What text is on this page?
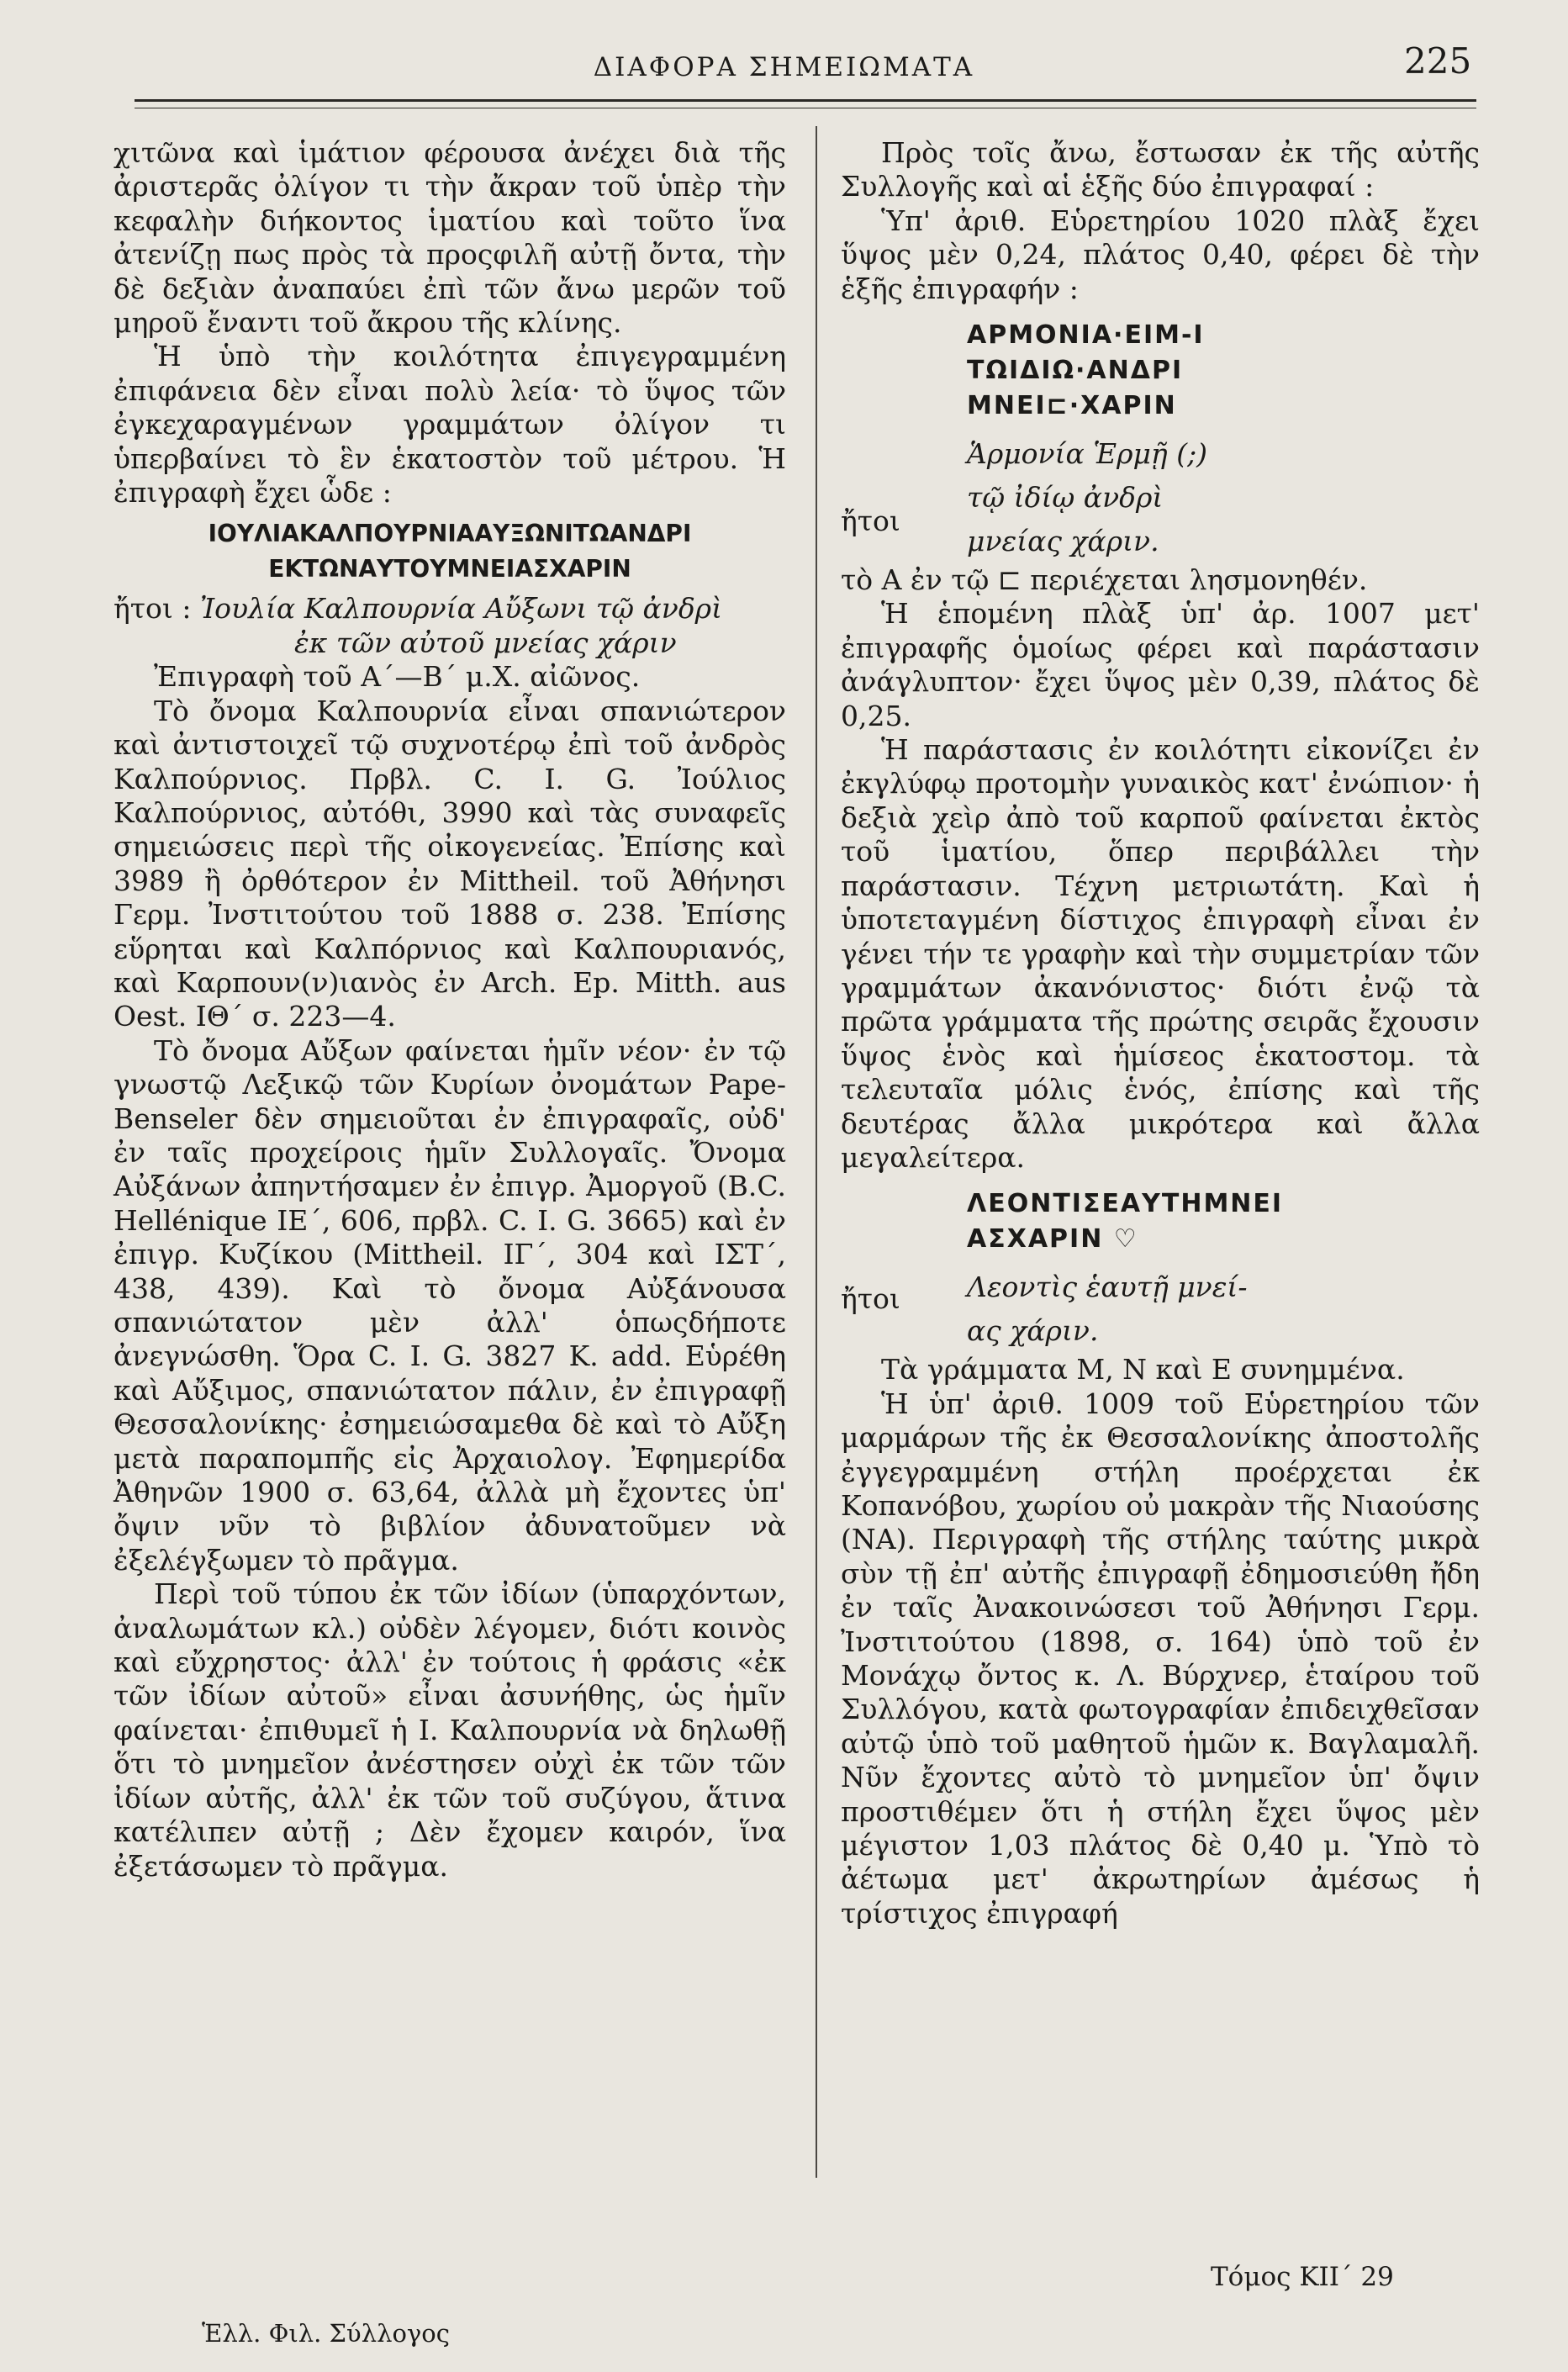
ΔΙΑΦΟΡΑ ΣΗΜΕΙΩΜΑΤΑ	225

χιτῶνα καὶ ἱμάτιον φέρουσα ἀνέχει διὰ τῆς ἀριστερᾶς ὀλίγον τι τὴν ἄκραν τοῦ ὑπὲρ τὴν κεφαλὴν διήκοντος ἱματίου καὶ τοῦτο ἵνα ἀτενίζῃ πως πρὸς τὰ προςφιλῆ αὐτῇ ὄντα, τὴν δὲ δεξιὰν ἀναπαύει ἐπὶ τῶν ἄνω μερῶν τοῦ μηροῦ ἔναντι τοῦ ἄκρου τῆς κλίνης.

Ἡ ὑπὸ τὴν κοιλότητα ἐπιγεγραμμένη ἐπιφάνεια δὲν εἶναι πολὺ λεία· τὸ ὕψος τῶν ἐγκεχαραγμένων γραμμάτων ὀλίγον τι ὑπερβαίνει τὸ ἓν ἑκατοστὸν τοῦ μέτρου. Ἡ ἐπιγραφὴ ἔχει ὧδε :

ΙΟΥΛΙΑΚΑΛΠΟΥΡΝΙΑΑΥΞΩΝΙΤΩΑΝΔΡΙ
ΕΚΤΩΝΑΥΤΟΥΜΝΕΙΑΣΧΑΡΙΝ
ἤτοι : Ἰουλία Καλπουρνία Αὔξωνι τῷ ἀνδρὶ
ἐκ τῶν αὐτοῦ μνείας χάριν

Ἐπιγραφὴ τοῦ Α΄—Β΄ μ.Χ. αἰῶνος.

Τὸ ὄνομα Καλπουρνία εἶναι σπανιώτερον καὶ ἀντιστοιχεῖ τῷ συχνοτέρῳ ἐπὶ τοῦ ἀνδρὸς Καλπούρνιος. Πρβλ. C. I. G. Ἰούλιος Καλπούρνιος, αὐτόθι, 3990 καὶ τὰς συναφεῖς σημειώσεις περὶ τῆς οἰκογενείας. Ἐπίσης καὶ 3989 ἢ ὀρθότερον ἐν Mittheil. τοῦ Ἀθήνησι Γερμ. Ἰνστιτούτου τοῦ 1888 σ. 238. Ἐπίσης εὕρηται καὶ Καλπόρνιος καὶ Καλπουριανός, καὶ Καρπουν(ν)ιανὸς ἐν Arch. Ep. Mitth. aus Oest. ΙΘ΄ σ. 223—4.

Τὸ ὄνομα Αὔξων φαίνεται ἡμῖν νέον· ἐν τῷ γνωστῷ Λεξικῷ τῶν Κυρίων ὀνομάτων Pape-Benseler δὲν σημειοῦται ἐν ἐπιγραφαῖς, οὐδ' ἐν ταῖς προχείροις ἡμῖν Συλλογαῖς. Ὄνομα Αὐξάνων ἀπηντήσαμεν ἐν ἐπιγρ. Ἀμοργοῦ (B.C. Hellénique IE΄, 606, πρβλ. C. I. G. 3665) καὶ ἐν ἐπιγρ. Κυζίκου (Mittheil. ΙΓ΄, 304 καὶ ΙΣΤ΄, 438, 439). Καὶ τὸ ὄνομα Αὐξάνουσα σπανιώτατον μὲν ἀλλ' ὁπωςδήποτε ἀνεγνώσθη. Ὅρα C. I. G. 3827 K. add. Εὑρέθη καὶ Αὔξιμος, σπανιώτατον πάλιν, ἐν ἐπιγραφῇ Θεσσαλονίκης· ἐσημειώσαμεθα δὲ καὶ τὸ Αὔξη μετὰ παραπομπῆς εἰς Ἀρχαιολογ. Ἐφημερίδα Ἀθηνῶν 1900 σ. 63,64, ἀλλὰ μὴ ἔχοντες ὑπ' ὄψιν νῦν τὸ βιβλίον ἀδυνατοῦμεν νὰ ἐξελέγξωμεν τὸ πρᾶγμα.

Περὶ τοῦ τύπου ἐκ τῶν ἰδίων (ὑπαρχόντων, ἀναλωμάτων κλ.) οὐδὲν λέγομεν, διότι κοινὸς καὶ εὔχρηστος· ἀλλ' ἐν τούτοις ἡ φράσις «ἐκ τῶν ἰδίων αὐτοῦ» εἶναι ἀσυνήθης, ὡς ἡμῖν φαίνεται· ἐπιθυμεῖ ἡ Ι. Καλπουρνία νὰ δηλωθῇ ὅτι τὸ μνημεῖον ἀνέστησεν οὐχὶ ἐκ τῶν τῶν ἰδίων αὐτῆς, ἀλλ' ἐκ τῶν τοῦ συζύγου, ἅτινα κατέλιπεν αὐτῇ ; Δὲν ἔχομεν καιρόν, ἵνα ἐξετάσωμεν τὸ πρᾶγμα.

Πρὸς τοῖς ἄνω, ἔστωσαν ἐκ τῆς αὐτῆς Συλλογῆς καὶ αἱ ἑξῆς δύο ἐπιγραφαί :

Ὑπ' ἀριθ. Εὑρετηρίου 1020 πλὰξ ἔχει ὕψος μὲν 0,24, πλάτος 0,40, φέρει δὲ τὴν ἑξῆς ἐπιγραφήν :

ΑΡΜΟΝΙΑ·ΕΙΜ-Ι
ΤΩΙΔΙΩ·ΑΝΔΡΙ
ΜΝΕΙ⊏·ΧΑΡΙΝ
ἤτοι
Ἁρμονία Ἑρμῇ (;)
τῷ ἰδίῳ ἀνδρὶ
μνείας χάριν.

τὸ Α ἐν τῷ ⊏ περιέχεται λησμονηθέν.

Ἡ ἑπομένη πλὰξ ὑπ' ἀρ. 1007 μετ' ἐπιγραφῆς ὁμοίως φέρει καὶ παράστασιν ἀνάγλυπτον· ἔχει ὕψος μὲν 0,39, πλάτος δὲ 0,25.

Ἡ παράστασις ἐν κοιλότητι εἰκονίζει ἐν ἐκγλύφῳ προτομὴν γυναικὸς κατ' ἐνώπιον· ἡ δεξιὰ χεὶρ ἀπὸ τοῦ καρποῦ φαίνεται ἐκτὸς τοῦ ἱματίου, ὅπερ περιβάλλει τὴν παράστασιν. Τέχνη μετριωτάτη. Καὶ ἡ ὑποτεταγμένη δίστιχος ἐπιγραφὴ εἶναι ἐν γένει τήν τε γραφὴν καὶ τὴν συμμετρίαν τῶν γραμμάτων ἀκανόνιστος· διότι ἐνῷ τὰ πρῶτα γράμματα τῆς πρώτης σειρᾶς ἔχουσιν ὕψος ἑνὸς καὶ ἡμίσεος ἑκατοστομ. τὰ τελευταῖα μόλις ἑνός, ἐπίσης καὶ τῆς δευτέρας ἄλλα μικρότερα καὶ ἄλλα μεγαλείτερα.

ΛΕΟΝΤΙΣΕΑΥΤΗΜΝΕΙ
ΑΣΧΑΡΙΝ ♡
ἤτοι	Λεοντὶς ἑαυτῇ μνεί-
ας χάριν.

Τὰ γράμματα Μ, Ν καὶ Ε συνημμένα.

Ἡ ὑπ' ἀριθ. 1009 τοῦ Εὑρετηρίου τῶν μαρμάρων τῆς ἐκ Θεσσαλονίκης ἀποστολῆς ἐγγεγραμμένη στήλη προέρχεται ἐκ Κοπανόβου, χωρίου οὐ μακρὰν τῆς Νιαούσης (ΝΑ). Περιγραφὴ τῆς στήλης ταύτης μικρὰ σὺν τῇ ἐπ' αὐτῆς ἐπιγραφῇ ἐδημοσιεύθη ἤδη ἐν ταῖς Ἀνακοινώσεσι τοῦ Ἀθήνησι Γερμ. Ἰνστιτούτου (1898, σ. 164) ὑπὸ τοῦ ἐν Μονάχῳ ὄντος κ. Λ. Βύρχνερ, ἑταίρου τοῦ Συλλόγου, κατὰ φωτογραφίαν ἐπιδειχθεῖσαν αὐτῷ ὑπὸ τοῦ μαθητοῦ ἡμῶν κ. Βαγλαμαλῆ. Νῦν ἔχοντες αὐτὸ τὸ μνημεῖον ὑπ' ὄψιν προστιθέμεν ὅτι ἡ στήλη ἔχει ὕψος μὲν μέγιστον 1,03 πλάτος δὲ 0,40 μ. Ὑπὸ τὸ ἀέτωμα μετ' ἀκρωτηρίων ἀμέσως ἡ τρίστιχος ἐπιγραφή

Τόμος ΚΙΙ΄ 29
Ἑλλ. Φιλ. Σύλλογος
